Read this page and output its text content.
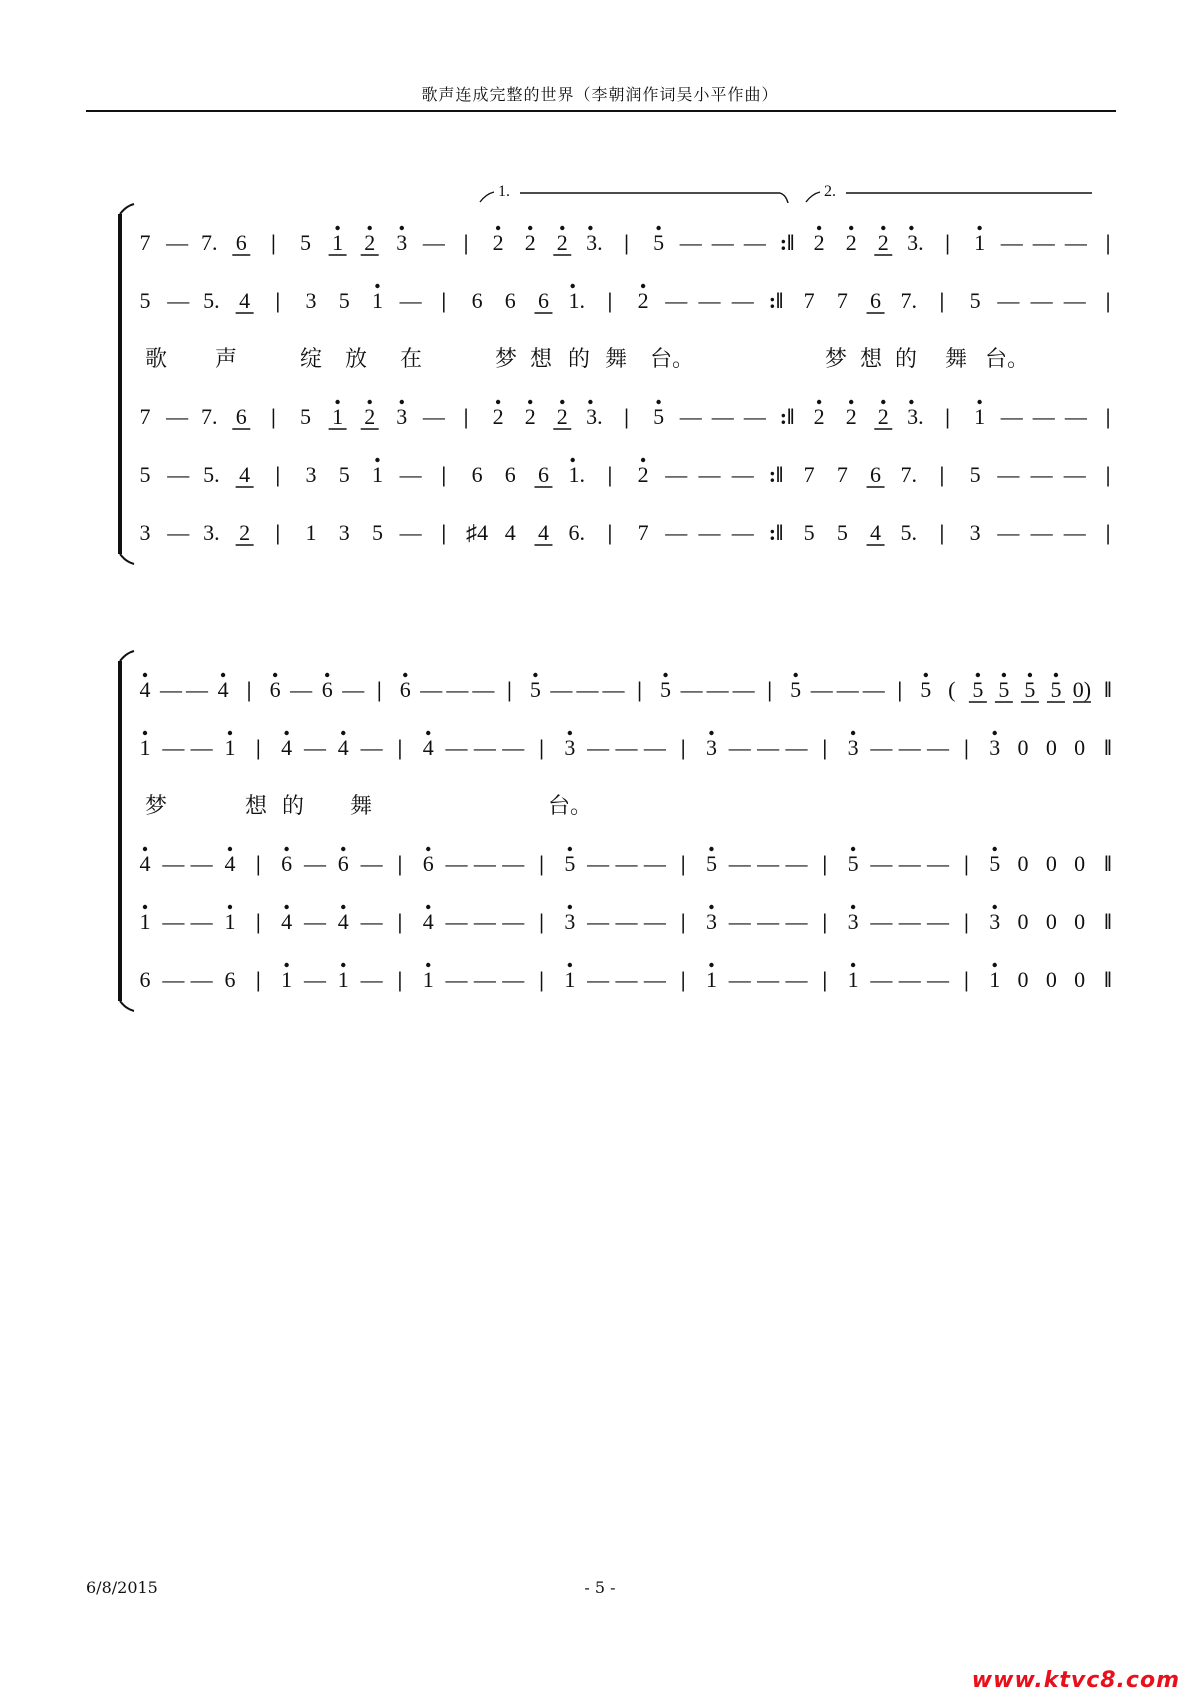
歌声连成完整的世界（李朝润作词吴小平作曲）
7 — 7. 6 | 5 1 2 3 — | 2 2 2 3. | 5 — — — :‖ 2 2 2 3. | 1 — — — |
5 — 5. 4 | 3 5 1 — | 6 6 6 1. | 2 — — — :‖ 7 7 6 7. | 5 — — — |
歌 声	绽 放 在	梦 想 的 舞 台。	梦 想 的 舞 台。
7 — 7. 6 | 5 1 2 3 — | 2 2 2 3. | 5 — — — :‖ 2 2 2 3. | 1 — — — |
5 — 5. 4 | 3 5 1 — | 6 6 6 1. | 2 — — — :‖ 7 7 6 7. | 5 — — — |
3 — 3. 2 | 1 3 5 — | ♯4 4 4 6. | 7 — — — :‖ 5 5 4 5. | 3 — — — |
4 — — 4 | 6 — 6 — | 6 — — — | 5 — — — | 5 — — — | 5 — — — | 5 ( 5 5 5 5 0) ‖
1 — — 1 | 4 — 4 — | 4 — — — | 3 — — — | 3 — — — | 3 — — — | 3 0 0 0 ‖
梦	想 的 舞	台。
4 — — 4 | 6 — 6 — | 6 — — — | 5 — — — | 5 — — — | 5 — — — | 5 0 0 0 ‖
1 — — 1 | 4 — 4 — | 4 — — — | 3 — — — | 3 — — — | 3 — — — | 3 0 0 0 ‖
6 — — 6 | 1 — 1 — | 1 — — — | 1 — — — | 1 — — — | 1 — — — | 1 0 0 0 ‖
1.	2.
6/8/2015	- 5 -
www.ktvc8.com
